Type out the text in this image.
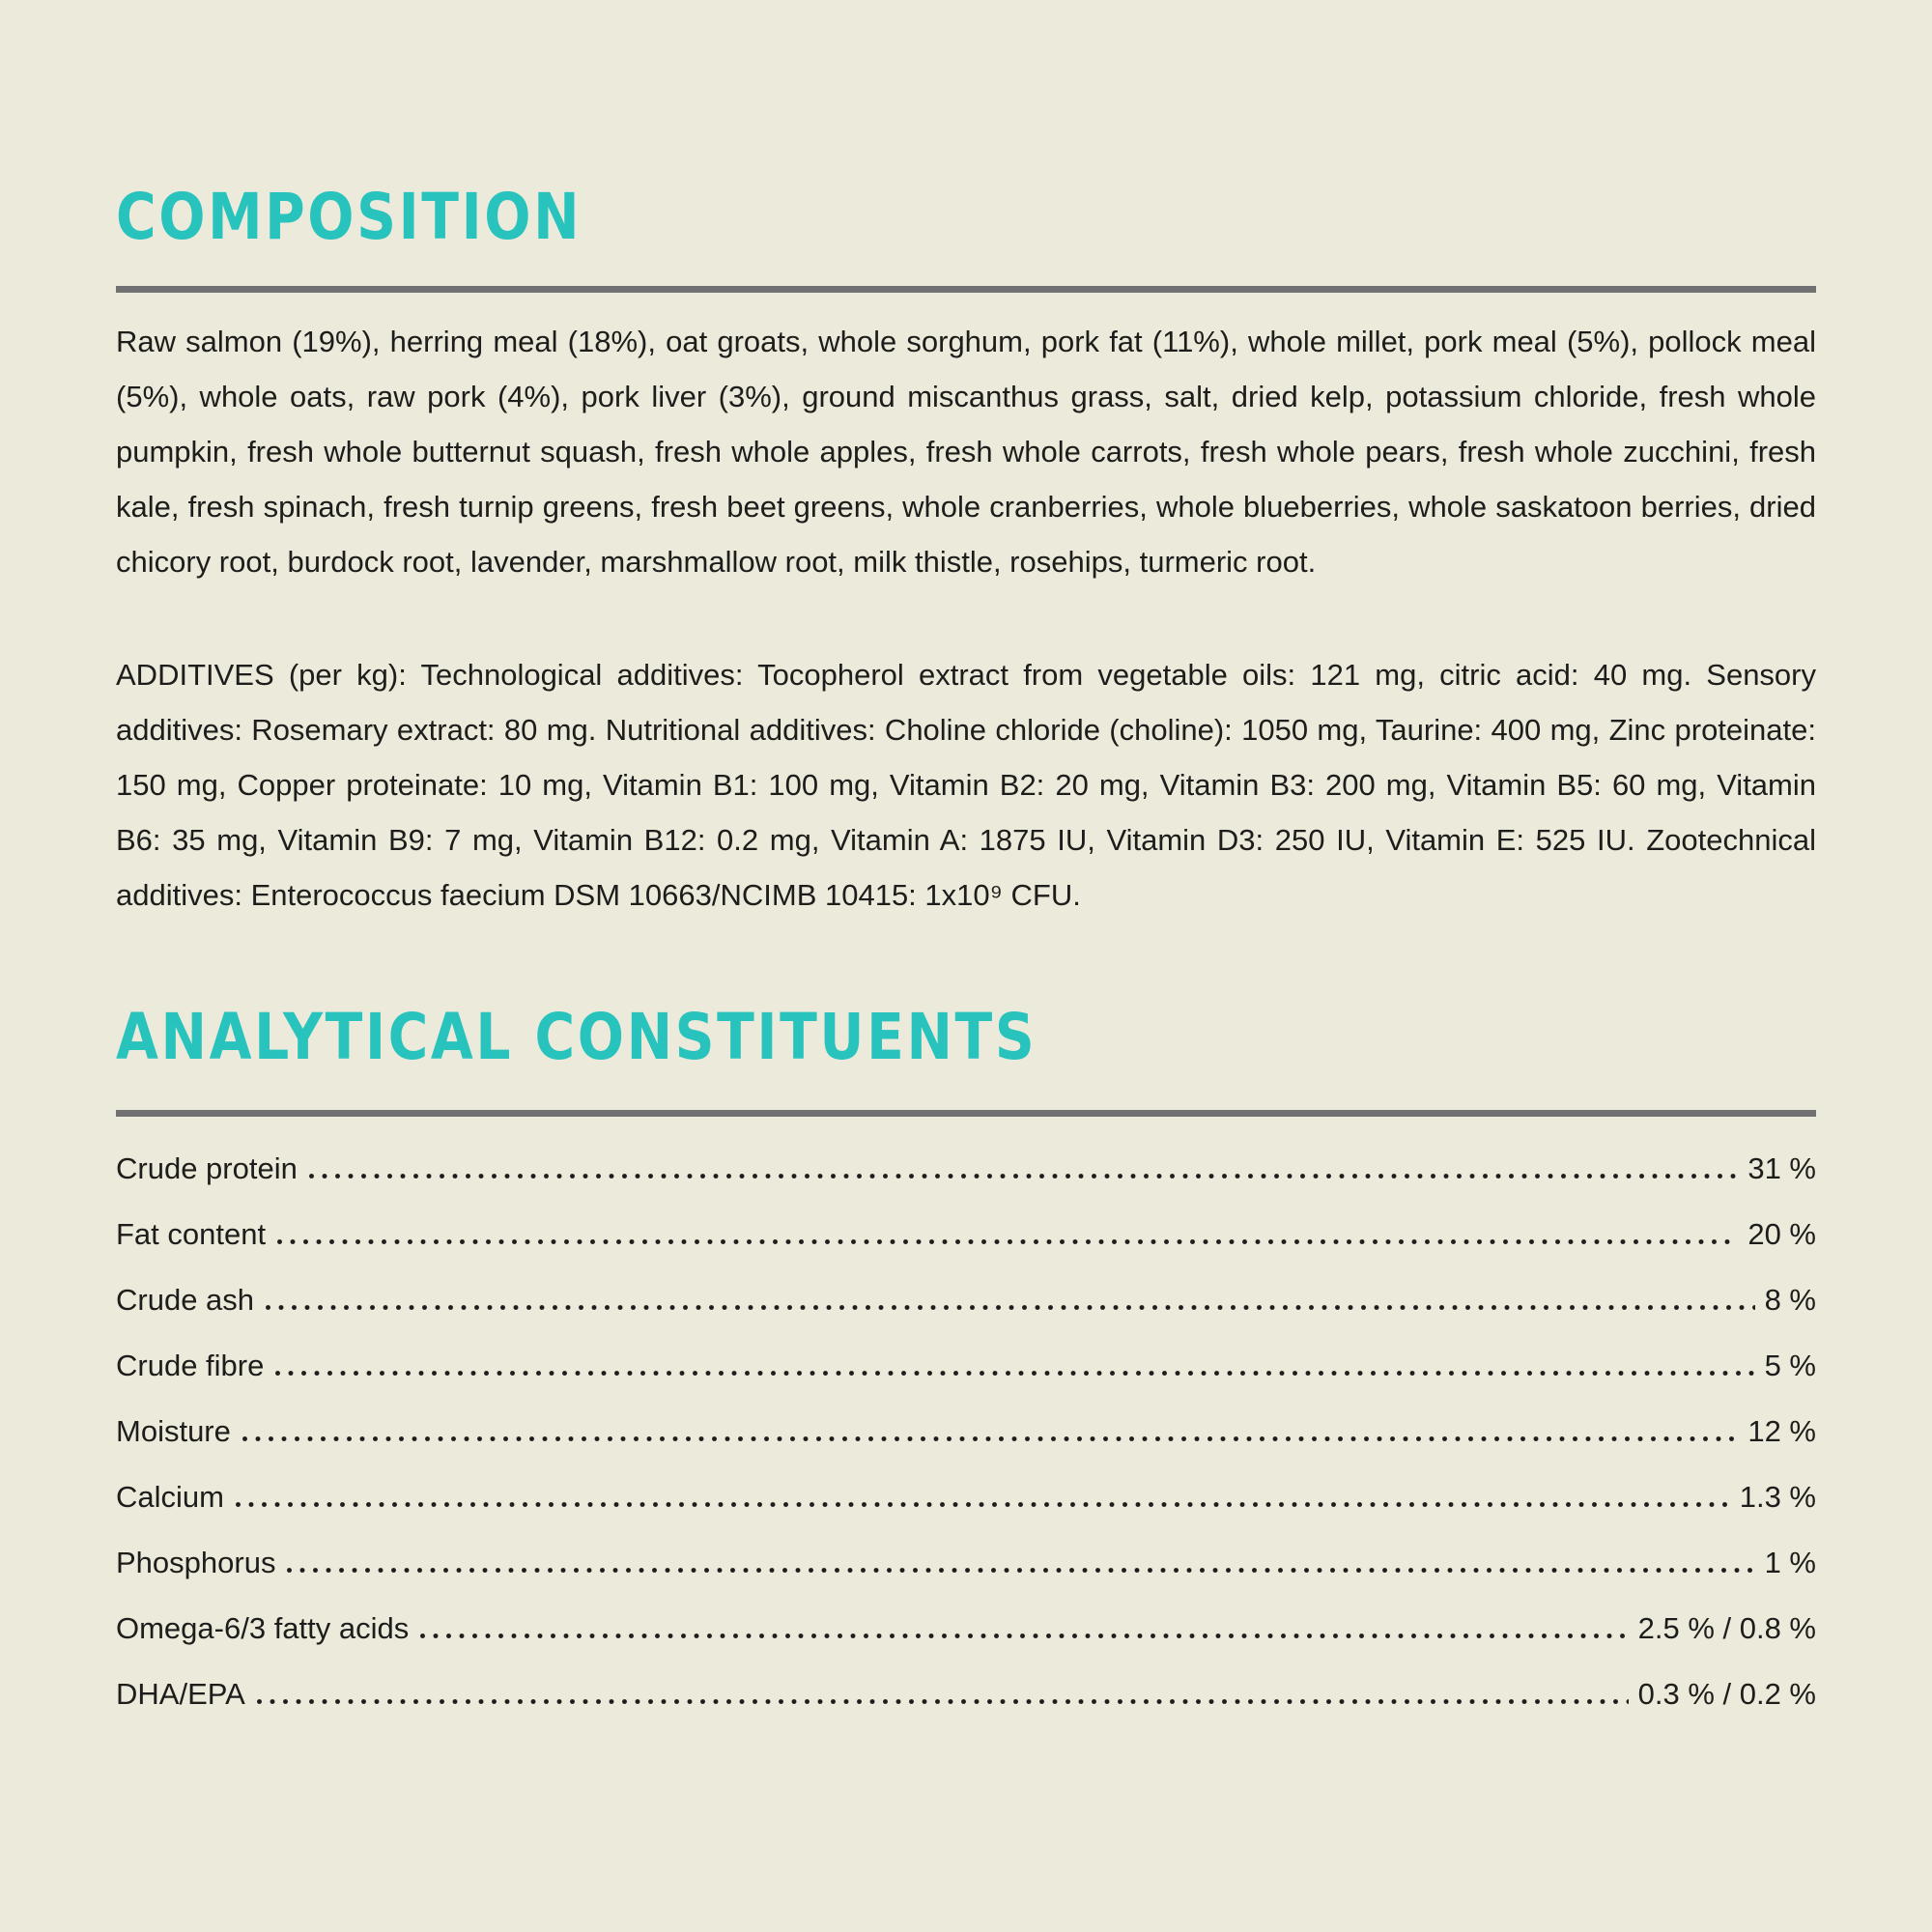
COMPOSITION

Raw salmon (19%), herring meal (18%), oat groats, whole sorghum, pork fat (11%), whole millet, pork meal (5%), pollock meal (5%), whole oats, raw pork (4%), pork liver (3%), ground miscanthus grass, salt, dried kelp, potassium chloride, fresh whole pumpkin, fresh whole butternut squash, fresh whole apples, fresh whole carrots, fresh whole pears, fresh whole zucchini, fresh kale, fresh spinach, fresh turnip greens, fresh beet greens, whole cranberries, whole blueberries, whole saskatoon berries, dried chicory root, burdock root, lavender, marshmallow root, milk thistle, rosehips, turmeric root.

ADDITIVES (per kg): Technological additives: Tocopherol extract from vegetable oils: 121 mg, citric acid: 40 mg. Sensory additives: Rosemary extract: 80 mg. Nutritional additives: Choline chloride (choline): 1050 mg, Taurine: 400 mg, Zinc proteinate: 150 mg, Copper proteinate: 10 mg, Vitamin B1: 100 mg, Vitamin B2: 20 mg, Vitamin B3: 200 mg, Vitamin B5: 60 mg, Vitamin B6: 35 mg, Vitamin B9: 7 mg, Vitamin B12: 0.2 mg, Vitamin A: 1875 IU, Vitamin D3: 250 IU, Vitamin E: 525 IU. Zootechnical additives: Enterococcus faecium DSM 10663/NCIMB 10415: 1x10⁹ CFU.

ANALYTICAL CONSTITUENTS
Crude protein	31 %
Fat content	20 %
Crude ash	8 %
Crude fibre	5 %
Moisture	12 %
Calcium	1.3 %
Phosphorus	1 %
Omega-6/3 fatty acids	2.5 % / 0.8 %
DHA/EPA	0.3 % / 0.2 %
